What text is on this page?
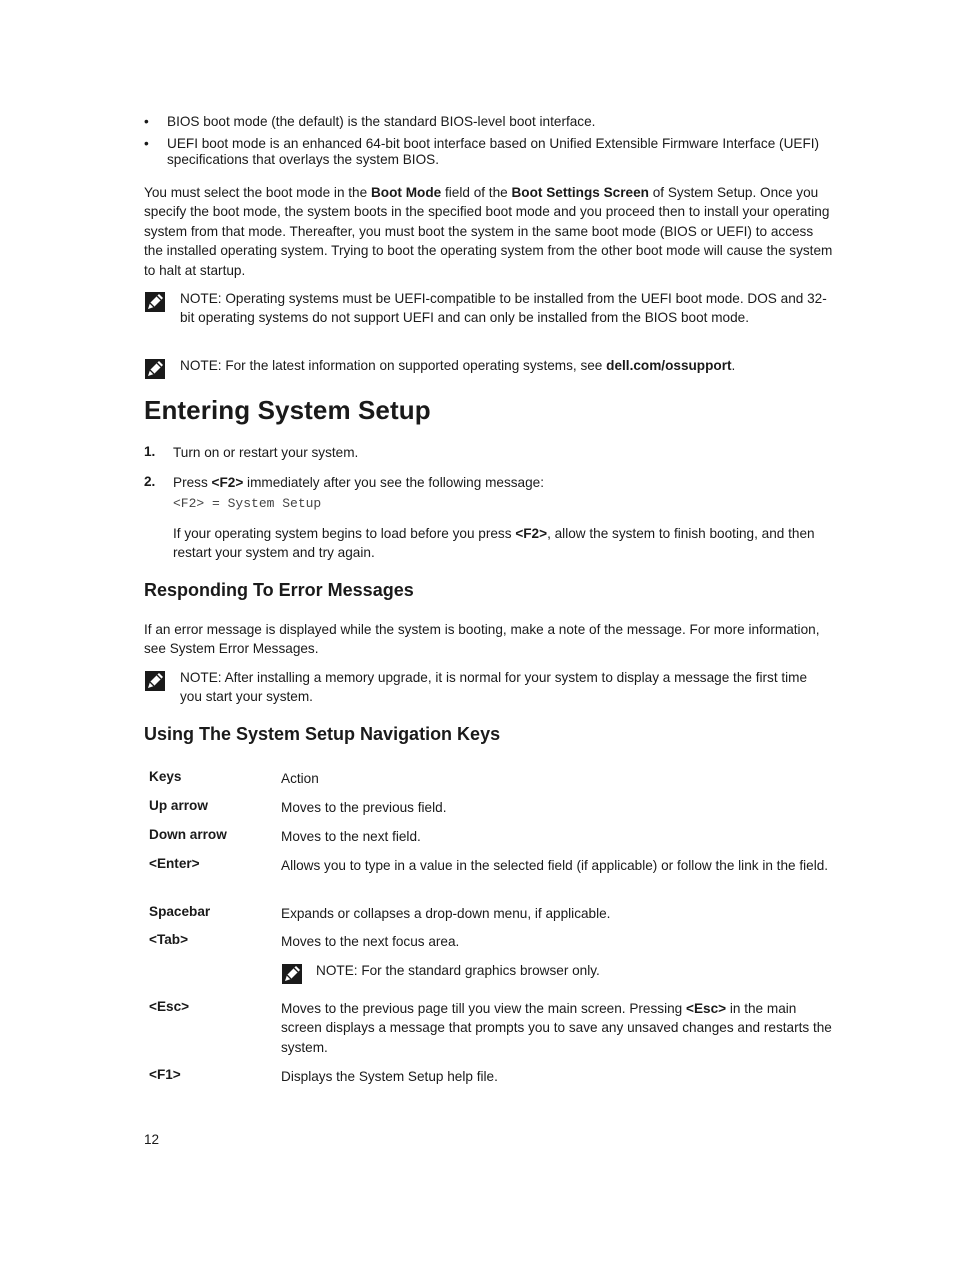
• BIOS boot mode (the default) is the standard BIOS-level boot interface.
• UEFI boot mode is an enhanced 64-bit boot interface based on Unified Extensible Firmware Interface (UEFI) specifications that overlays the system BIOS.
You must select the boot mode in the Boot Mode field of the Boot Settings Screen of System Setup. Once you specify the boot mode, the system boots in the specified boot mode and you proceed then to install your operating system from that mode. Thereafter, you must boot the system in the same boot mode (BIOS or UEFI) to access the installed operating system. Trying to boot the operating system from the other boot mode will cause the system to halt at startup.
NOTE: Operating systems must be UEFI-compatible to be installed from the UEFI boot mode. DOS and 32-bit operating systems do not support UEFI and can only be installed from the BIOS boot mode.
NOTE: For the latest information on supported operating systems, see dell.com/ossupport.
Entering System Setup
1. Turn on or restart your system.
2. Press <F2> immediately after you see the following message:
<F2> = System Setup
If your operating system begins to load before you press <F2>, allow the system to finish booting, and then restart your system and try again.
Responding To Error Messages
If an error message is displayed while the system is booting, make a note of the message. For more information, see System Error Messages.
NOTE: After installing a memory upgrade, it is normal for your system to display a message the first time you start your system.
Using The System Setup Navigation Keys
Keys	Action
Up arrow	Moves to the previous field.
Down arrow	Moves to the next field.
<Enter>	Allows you to type in a value in the selected field (if applicable) or follow the link in the field.
Spacebar	Expands or collapses a drop-down menu, if applicable.
<Tab>	Moves to the next focus area.
NOTE: For the standard graphics browser only.
<Esc>	Moves to the previous page till you view the main screen. Pressing <Esc> in the main screen displays a message that prompts you to save any unsaved changes and restarts the system.
<F1>	Displays the System Setup help file.
12
